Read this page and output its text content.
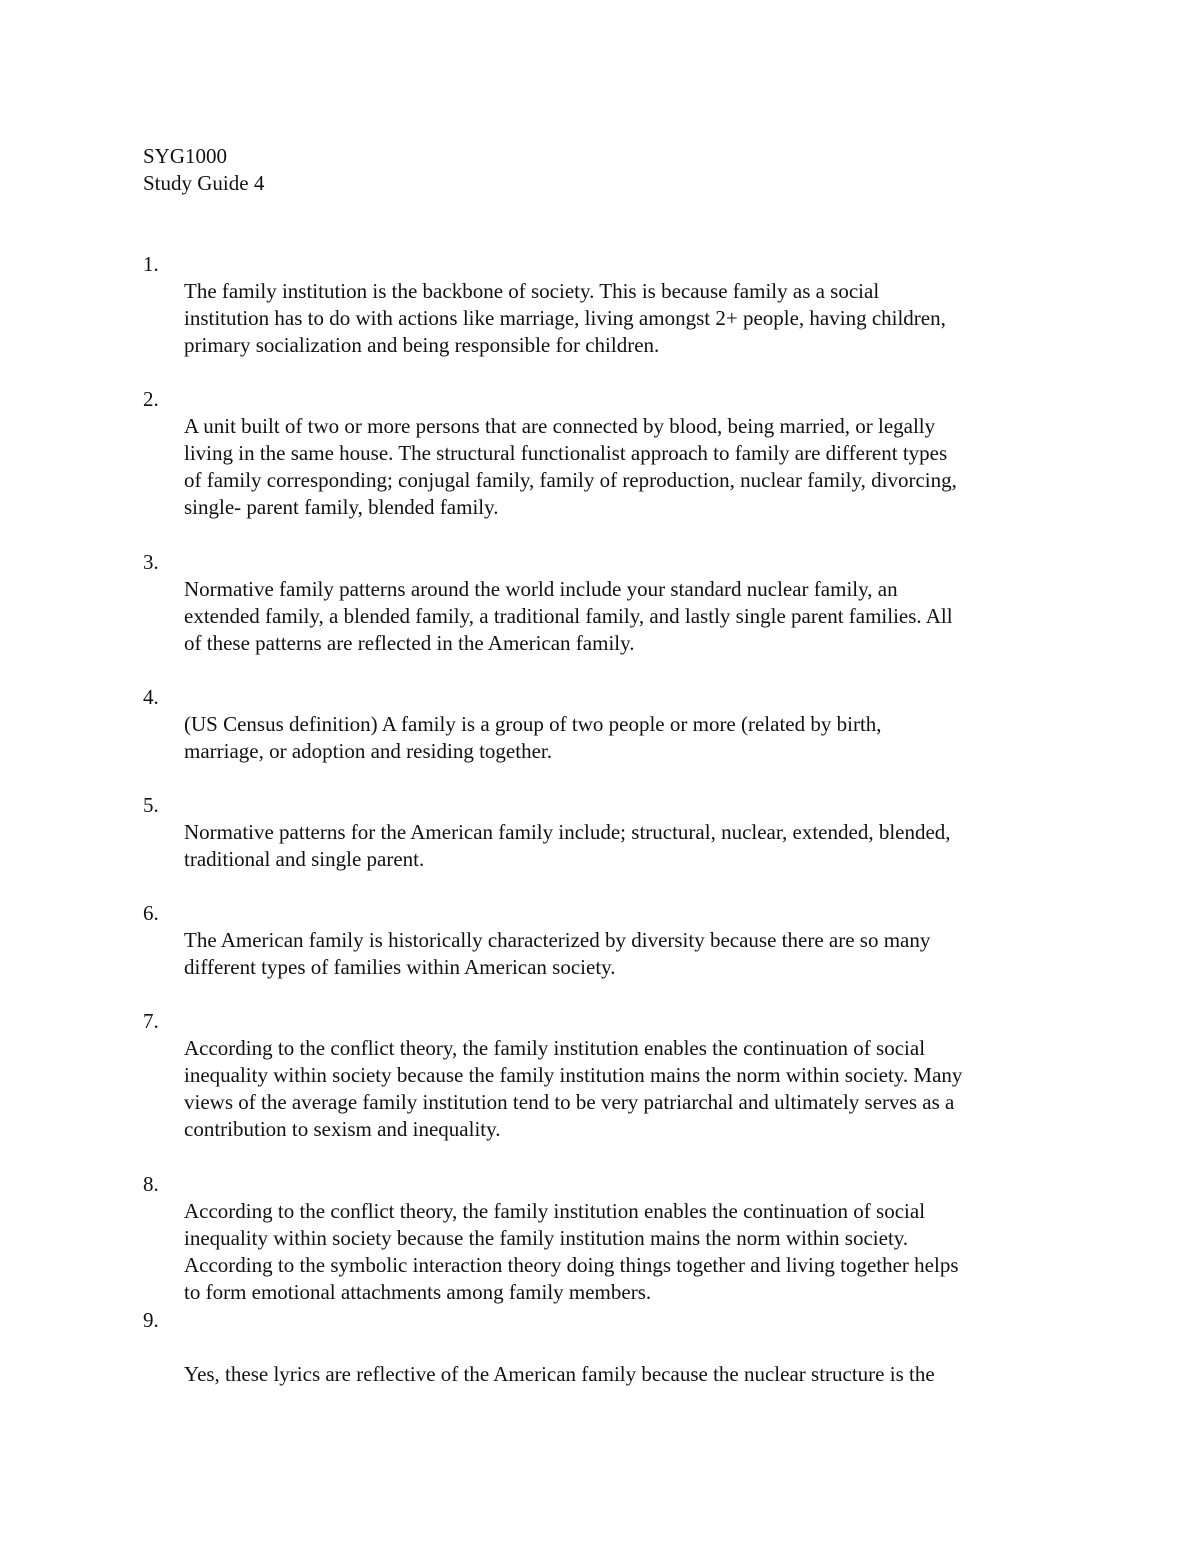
SYG1000
Study Guide 4
1.
The family institution is the backbone of society. This is because family as a social
institution has to do with actions like marriage, living amongst 2+ people, having children,
primary socialization and being responsible for children.
2.
A unit built of two or more persons that are connected by blood, being married, or legally
living in the same house. The structural functionalist approach to family are different types
of family corresponding; conjugal family, family of reproduction, nuclear family, divorcing,
single- parent family, blended family.
3.
Normative family patterns around the world include your standard nuclear family, an
extended family, a blended family, a traditional family, and lastly single parent families. All
of these patterns are reflected in the American family.
4.
(US Census definition) A family is a group of two people or more (related by birth,
marriage, or adoption and residing together.
5.
Normative patterns for the American family include; structural, nuclear, extended, blended,
traditional and single parent.
6.
The American family is historically characterized by diversity because there are so many
different types of families within American society.
7.
According to the conflict theory, the family institution enables the continuation of social
inequality within society because the family institution mains the norm within society. Many
views of the average family institution tend to be very patriarchal and ultimately serves as a
contribution to sexism and inequality.
8.
According to the conflict theory, the family institution enables the continuation of social
inequality within society because the family institution mains the norm within society.
According to the symbolic interaction theory doing things together and living together helps
to form emotional attachments among family members.
9.
Yes, these lyrics are reflective of the American family because the nuclear structure is the
